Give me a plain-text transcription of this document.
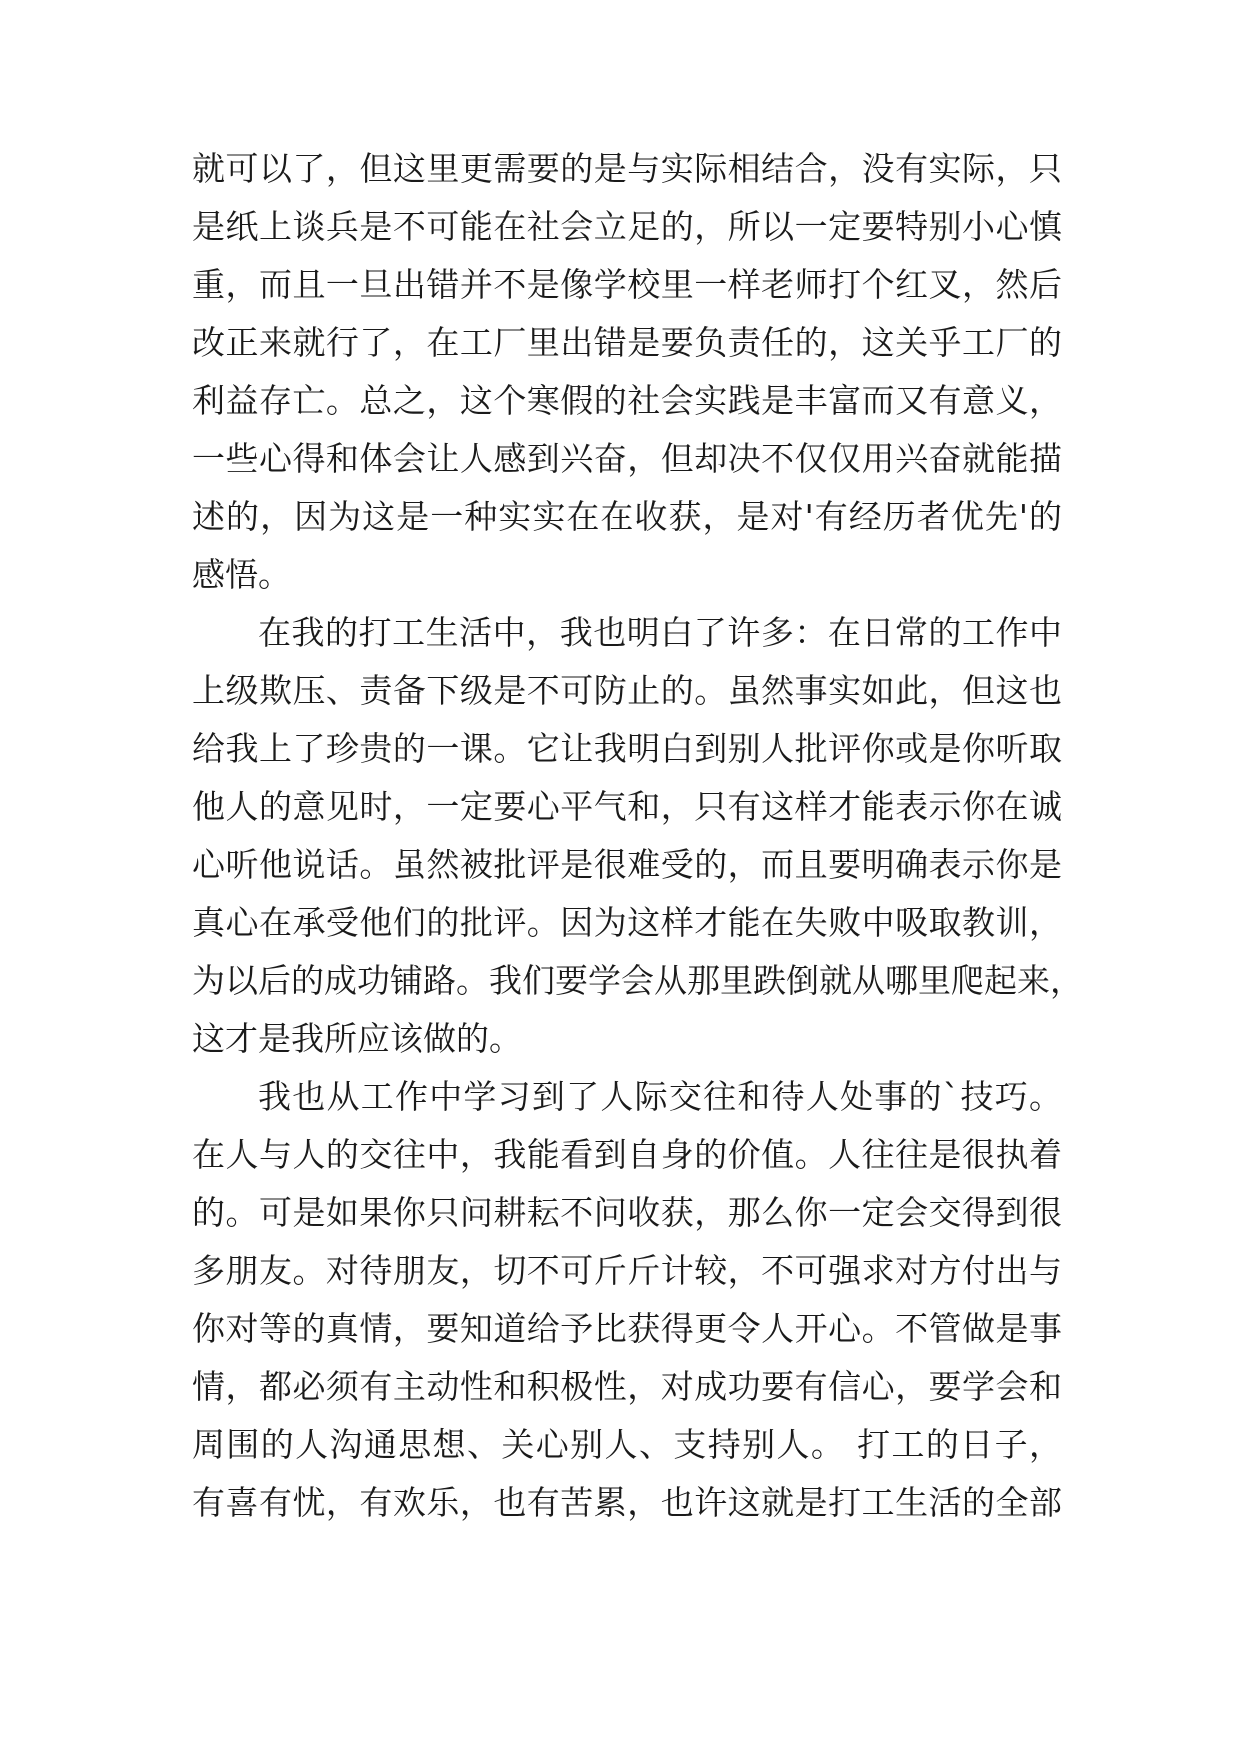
就可以了，但这里更需要的是与实际相结合，没有实际，只
是纸上谈兵是不可能在社会立足的，所以一定要特别小心慎
重，而且一旦出错并不是像学校里一样老师打个红叉，然后
改正来就行了，在工厂里出错是要负责任的，这关乎工厂的
利益存亡。总之，这个寒假的社会实践是丰富而又有意义，
一些心得和体会让人感到兴奋，但却决不仅仅用兴奋就能描
述的，因为这是一种实实在在收获，是对'有经历者优先'的
感悟。
在我的打工生活中，我也明白了许多：在日常的工作中
上级欺压、责备下级是不可防止的。虽然事实如此，但这也
给我上了珍贵的一课。它让我明白到别人批评你或是你听取
他人的意见时，一定要心平气和，只有这样才能表示你在诚
心听他说话。虽然被批评是很难受的，而且要明确表示你是
真心在承受他们的批评。因为这样才能在失败中吸取教训，
为以后的成功铺路。我们要学会从那里跌倒就从哪里爬起来，
这才是我所应该做的。
我也从工作中学习到了人际交往和待人处事的`技巧。
在人与人的交往中，我能看到自身的价值。人往往是很执着
的。可是如果你只问耕耘不问收获，那么你一定会交得到很
多朋友。对待朋友，切不可斤斤计较，不可强求对方付出与
你对等的真情，要知道给予比获得更令人开心。不管做是事
情，都必须有主动性和积极性，对成功要有信心，要学会和
周围的人沟通思想、关心别人、支持别人。 打工的日子，
有喜有忧，有欢乐，也有苦累，也许这就是打工生活的全部
